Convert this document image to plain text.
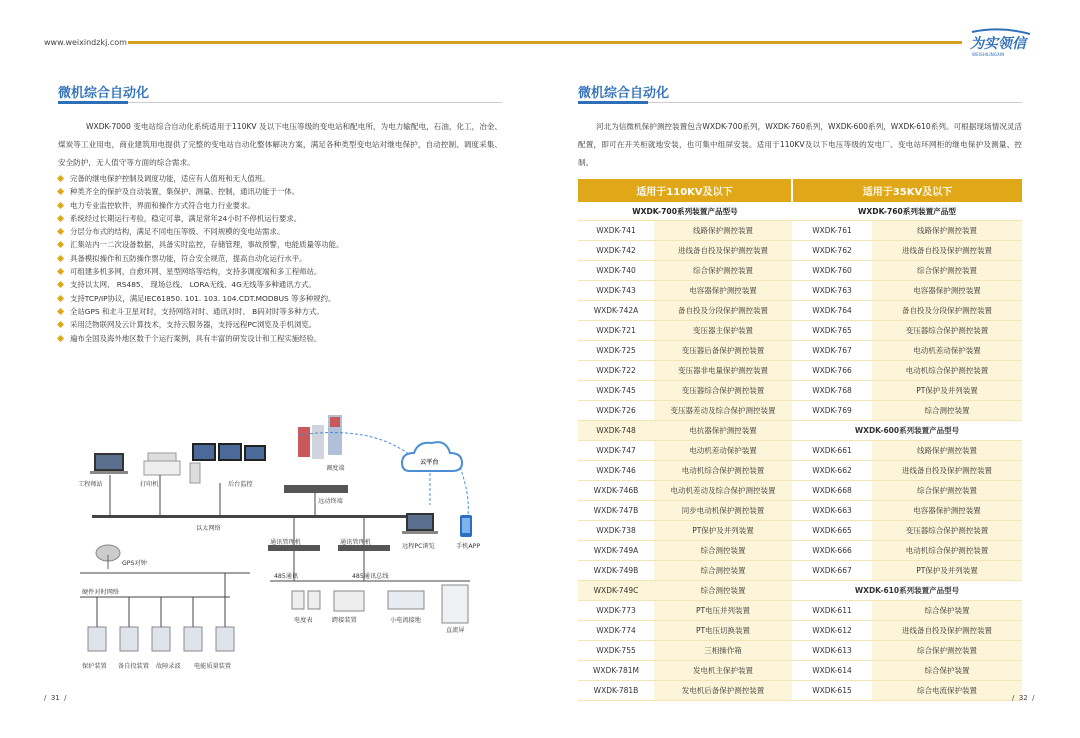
www.weixindzkj.com	为实领信
WEISHILINGXIN
微机综合自动化
WXDK-7000 变电站综合自动化系统适用于110KV 及以下电压等级的变电站和配电所，为电力输配电，石油，化工，冶金、煤炭等工业用电，商业建筑用电提供了完整的变电站自动化整体解决方案，满足各种类型变电站对继电保护，自动控制、调度采集、安全防护，无人值守等方面的综合需求。
完备的继电保护控制及调度功能，适应有人值班和无人值班。
种类齐全的保护及自动装置，集保护、测量、控制，通讯功能于一体。
电力专业监控软件，界面和操作方式符合电力行业要求。
系统经过长期运行考验，稳定可靠，满足常年24小时不停机运行要求。
分层分布式的结构，满足不同电压等级、不同规模的变电站需求。
汇集站内一二次设备数据，具备实时监控，存储管理，事故预警，电能质量等功能。
具备模拟操作和五防操作票功能，符合安全规范，提高自动化运行水平。
可组建多机多网、自愈环网、星型网络等结构，支持多调度端和多工程师站。
支持以太网、 RS485、 现场总线、 LORA无线、4G无线等多种通讯方式。
支持TCP/IP协议，满足IEC61850. 101. 103. 104.CDT.MODBUS 等多种规约。
全站GPS 和北斗卫星对时，支持网络对时、通讯对时、 B码对时等多种方式。
采用泛物联网及云计算技术，支持云服务器，支持远程PC浏览及手机浏览。
遍布全国及海外地区数千个运行案例，具有丰富的研发设计和工程实施经验。
工程师站	打印机	后台监控
调度端
远动终端
云平台
以太网络
通讯管理机	通讯管理机
远程PC浏览	手机APP
GPS对钟
硬件对时网络
485通讯	485通讯总线
电度表	跨接装置	小电流接地
直流屏
保护装置 备自投装置 故障录波 电能质量装置
/  31  /
微机综合自动化
河北为信微机保护测控装置包含WXDK-700系列，WXDK-760系列，WXDK-600系列，WXDK-610系列。可根据现场情况灵活配置，即可在开关柜就地安装，也可集中组屏安装。适用于110KV及以下电压等级的发电厂、变电站环网柜的继电保护及测量、控制。
适用于110KV及以下		适用于35KV及以下	
WXDK-700系列装置产品型号		WXDK-760系列装置产品型	
WXDK-741	线路保护测控装置	WXDK-761	线路保护测控装置
WXDK-742	进线备自投及保护测控装置	WXDK-762	进线备自投及保护测控装置
WXDK-740	综合保护测控装置	WXDK-760	综合保护测控装置
WXDK-743	电容器保护测控装置	WXDK-763	电容器保护测控装置
WXDK-742A	备自投及分段保护测控装置	WXDK-764	备自投及分段保护测控装置
WXDK-721	变压器主保护装置	WXDK-765	变压器综合保护测控装置
WXDK-725	变压器后备保护测控装置	WXDK-767	电动机差动保护装置
WXDK-722	变压器非电量保护测控装置	WXDK-766	电动机综合保护测控装置
WXDK-745	变压器综合保护测控装置	WXDK-768	PT保护及并列装置
WXDK-726	变压器差动及综合保护测控装置	WXDK-769	综合测控装置
WXDK-748	电抗器保护测控装置	WXDK-600系列装置产品型号	
WXDK-747	电动机差动保护装置	WXDK-661	线路保护测控装置
WXDK-746	电动机综合保护测控装置	WXDK-662	进线备自投及保护测控装置
WXDK-746B	电动机差动及综合保护测控装置	WXDK-668	综合保护测控装置
WXDK-747B	同步电动机保护测控装置	WXDK-663	电容器保护测控装置
WXDK-738	PT保护及并列装置	WXDK-665	变压器综合保护测控装置
WXDK-749A	综合测控装置	WXDK-666	电动机综合保护测控装置
WXDK-749B	综合测控装置	WXDK-667	PT保护及并列装置
WXDK-749C	综合测控装置	WXDK-610系列装置产品型号	
WXDK-773	PT电压并列装置	WXDK-611	综合保护装置
WXDK-774	PT电压切换装置	WXDK-612	进线备自投及保护测控装置
WXDK-755	三相操作箱	WXDK-613	综合保护测控装置
WXDK-781M	发电机主保护装置	WXDK-614	综合保护装置
WXDK-781B	发电机后备保护测控装置	WXDK-615	综合电流保护装置
/  32  /
